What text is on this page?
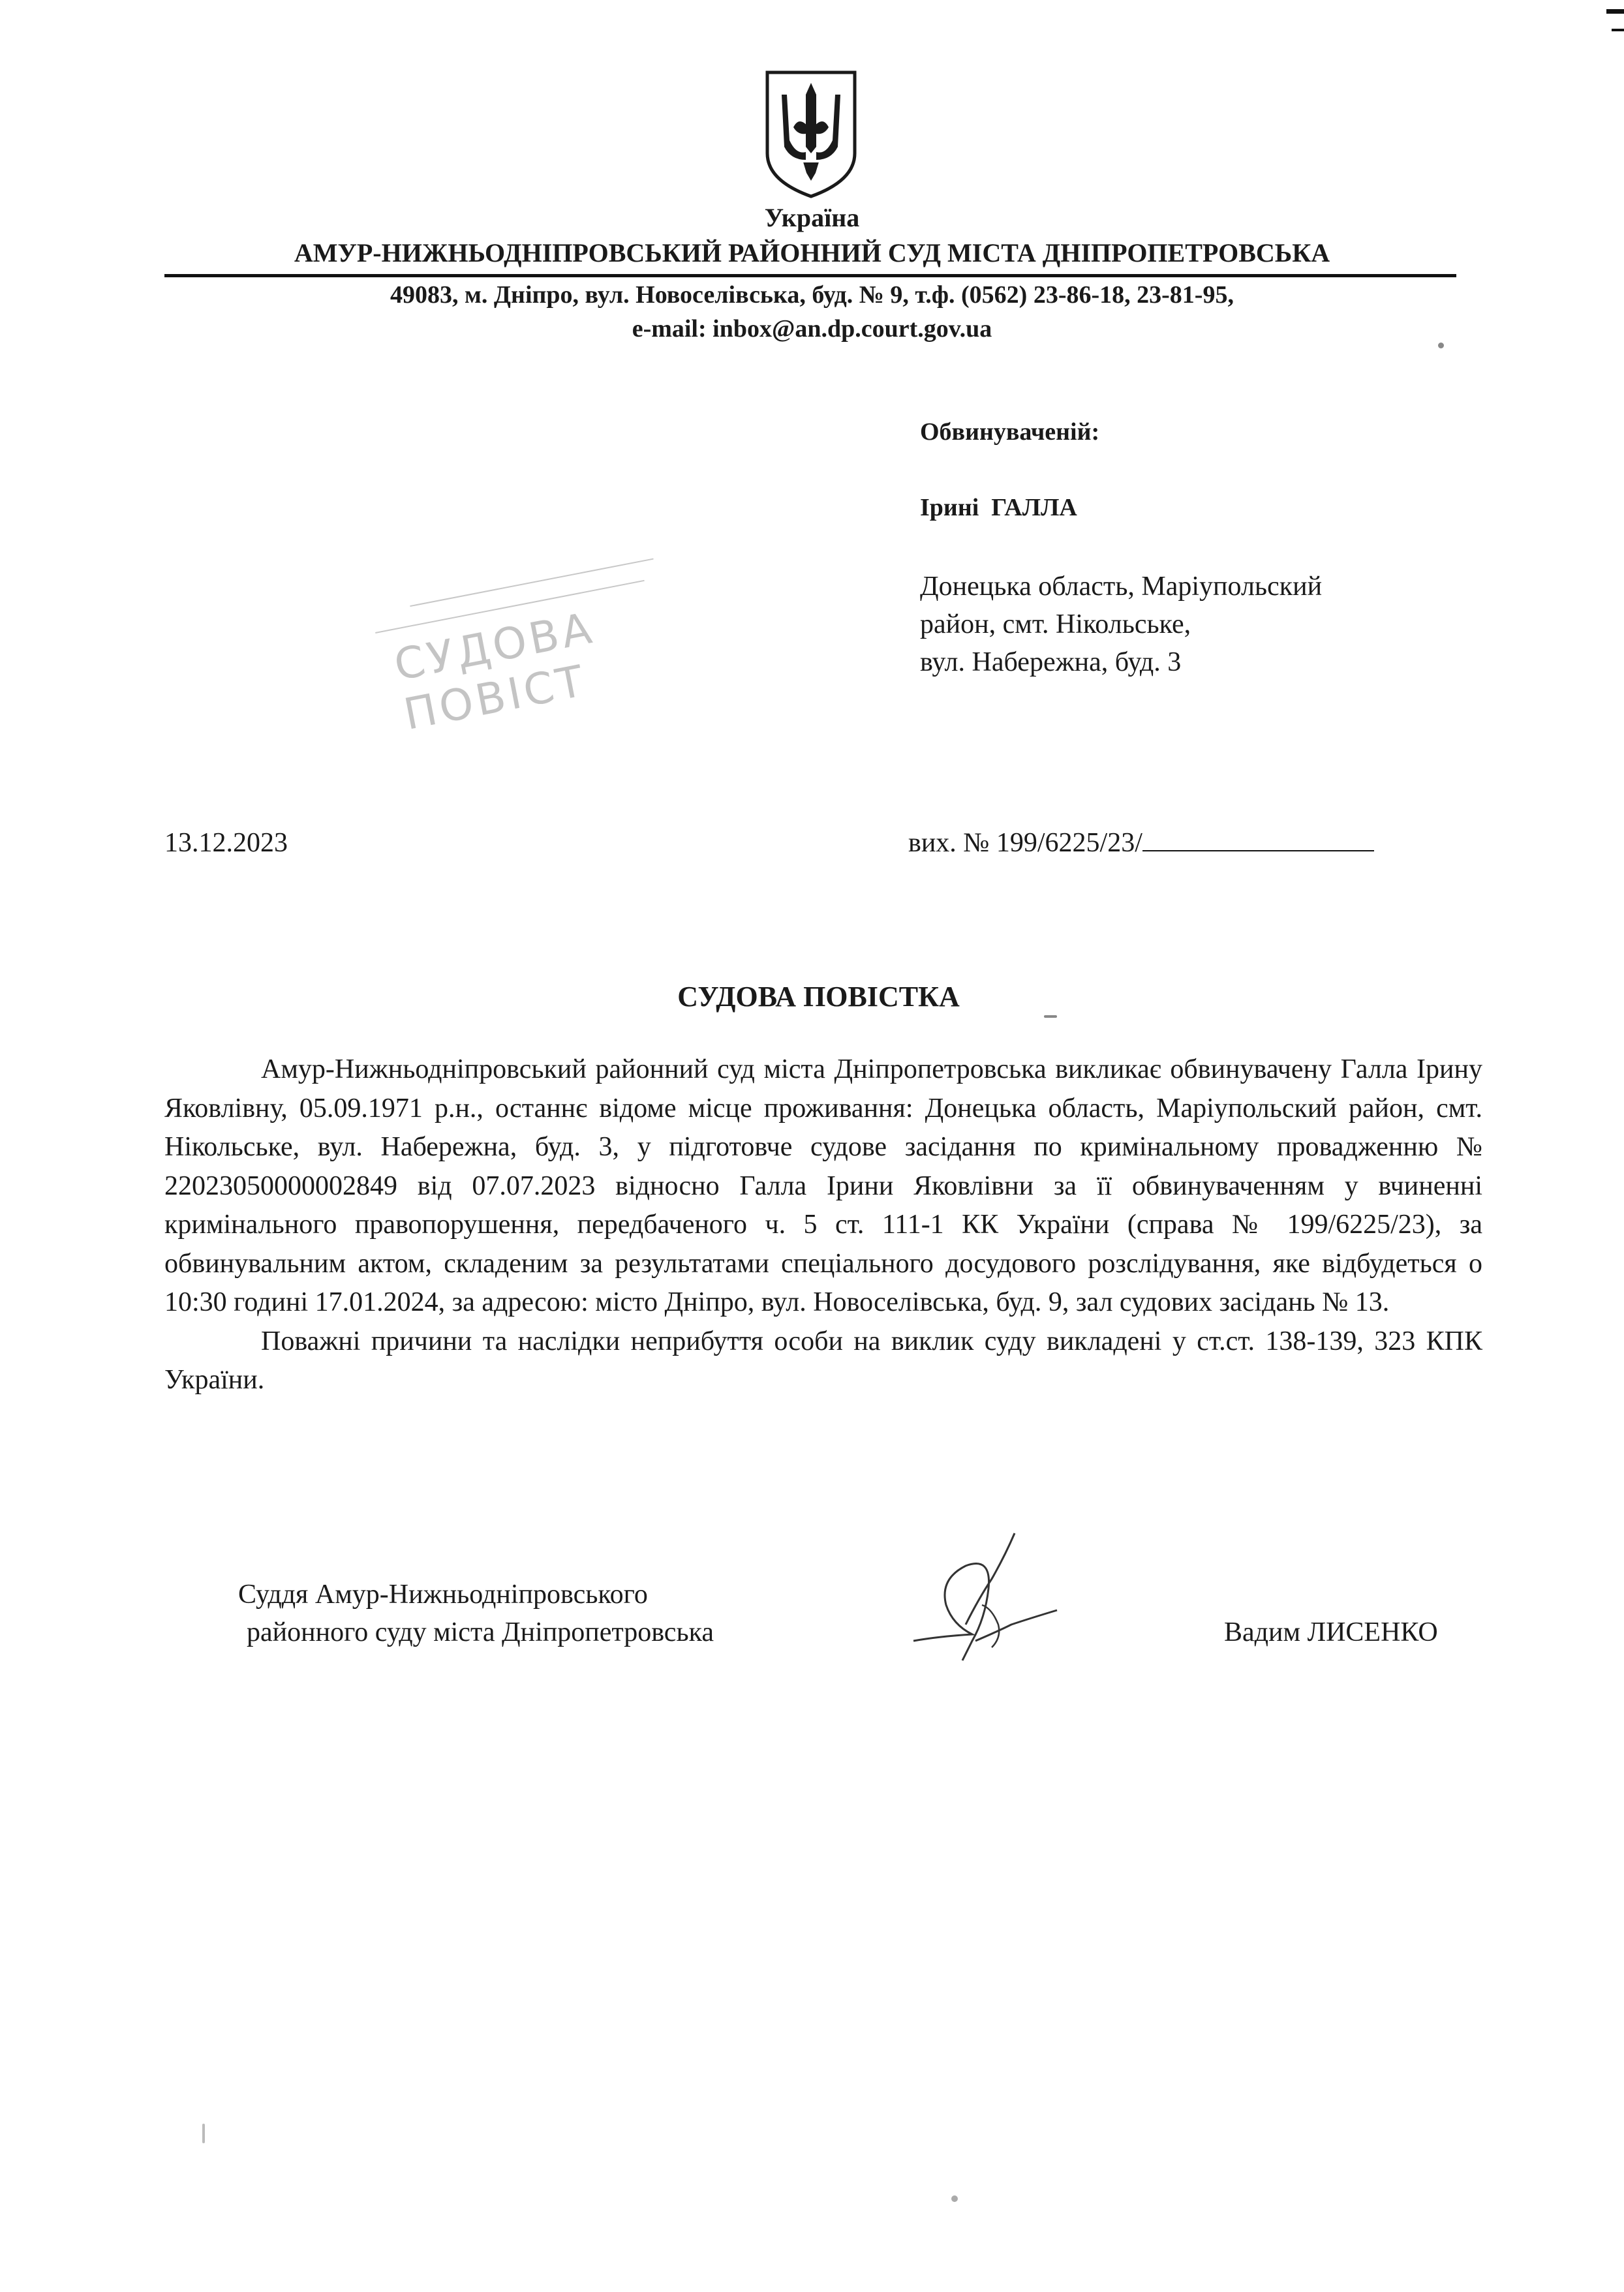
Україна
АМУР-НИЖНЬОДНІПРОВСЬКИЙ РАЙОННИЙ СУД МІСТА ДНІПРОПЕТРОВСЬКА
49083, м. Дніпро, вул. Новоселівська, буд. № 9, т.ф. (0562) 23-86-18, 23-81-95,
e-mail: inbox@an.dp.court.gov.ua
Обвинуваченій:
Ірині  ГАЛЛА
Донецька область, Маріупольский
район, смт. Нікольське,
вул. Набережна, буд. 3
СУДОВА ПОВІСТ
13.12.2023	вих. № 199/6225/23/
СУДОВА ПОВІСТКА

Амур-Нижньодніпровський районний суд міста Дніпропетровська викликає обвинувачену Галла Ірину Яковлівну, 05.09.1971 р.н., останнє відоме місце проживання: Донецька область, Маріупольский район, смт. Нікольське, вул. Набережна, буд. 3, у підготовче судове засідання по кримінальному провадженню № 22023050000002849 від 07.07.2023 відносно Галла Ірини Яковлівни за її обвинуваченням у вчиненні кримінального правопорушення, передбаченого ч. 5 ст. 111-1 КК України (справа № 199/6225/23), за обвинувальним актом, складеним за результатами спеціального досудового розслідування, яке відбудеться о 10:30 годині 17.01.2024, за адресою: місто Дніпро, вул. Новоселівська, буд. 9, зал судових засідань № 13.

Поважні причини та наслідки неприбуття особи на виклик суду викладені у ст.ст. 138-139, 323 КПК України.

Суддя Амур-Нижньодніпровського
районного суду міста Дніпропетровська	Вадим ЛИСЕНКО
